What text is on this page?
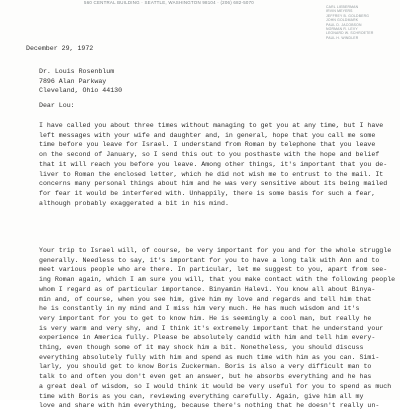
560 CENTRAL BUILDING · SEATTLE, WASHINGTON 98104 · (206) 682-5070
CARL LIEBERMAN
IRVIN MEYERS
JEFFREY B. GOLDBERG
JOHN GOLDMARK
PAUL D. JACOBSON
NORMAN R. LEVY
LEONARD W. SCHROETER
PAUL H. WINDLER
December 29, 1972
Dr. Louis Rosenblum
7896 Alan Parkway
Cleveland, Ohio 44130
Dear Lou:
I have called you about three times without managing to get you at any time, but I have
left messages with your wife and daughter and, in general, hope that you call me some
time before you leave for Israel. I understand from Roman by telephone that you leave
on the second of January, so I send this out to you posthaste with the hope and belief
that it will reach you before you leave. Among other things, it's important that you de-
liver to Roman the enclosed letter, which he did not wish me to entrust to the mail. It
concerns many personal things about him and he was very sensitive about its being mailed
for fear it would be interfered with. Unhappily, there is some basis for such a fear,
although probably exaggerated a bit in his mind.
Your trip to Israel will, of course, be very important for you and for the whole struggle
generally. Needless to say, it's important for you to have a long talk with Ann and to
meet various people who are there. In particular, let me suggest to you, apart from see-
ing Roman again, which I am sure you will, that you make contact with the following people
whom I regard as of particular importance. Binyamin Halevi. You know all about Binya-
min and, of course, when you see him, give him my love and regards and tell him that
he is constantly in my mind and I miss him very much. He has much wisdom and it's
very important for you to get to know him. He is seemingly a cool man, but really he
is very warm and very shy, and I think it's extremely important that he understand your
experience in America fully. Please be absolutely candid with him and tell him every-
thing, even though some of it may shock him a bit. Nonetheless, you should discuss
everything absolutely fully with him and spend as much time with him as you can. Simi-
larly, you should get to know Boris Zuckerman. Boris is also a very difficult man to
talk to and often you don't even get an answer, but he absorbs everything and he has
a great deal of wisdom, so I would think it would be very useful for you to spend as much
time with Boris as you can, reviewing everything carefully. Again, give him all my
love and share with him everything, because there's nothing that he doesn't really un-
